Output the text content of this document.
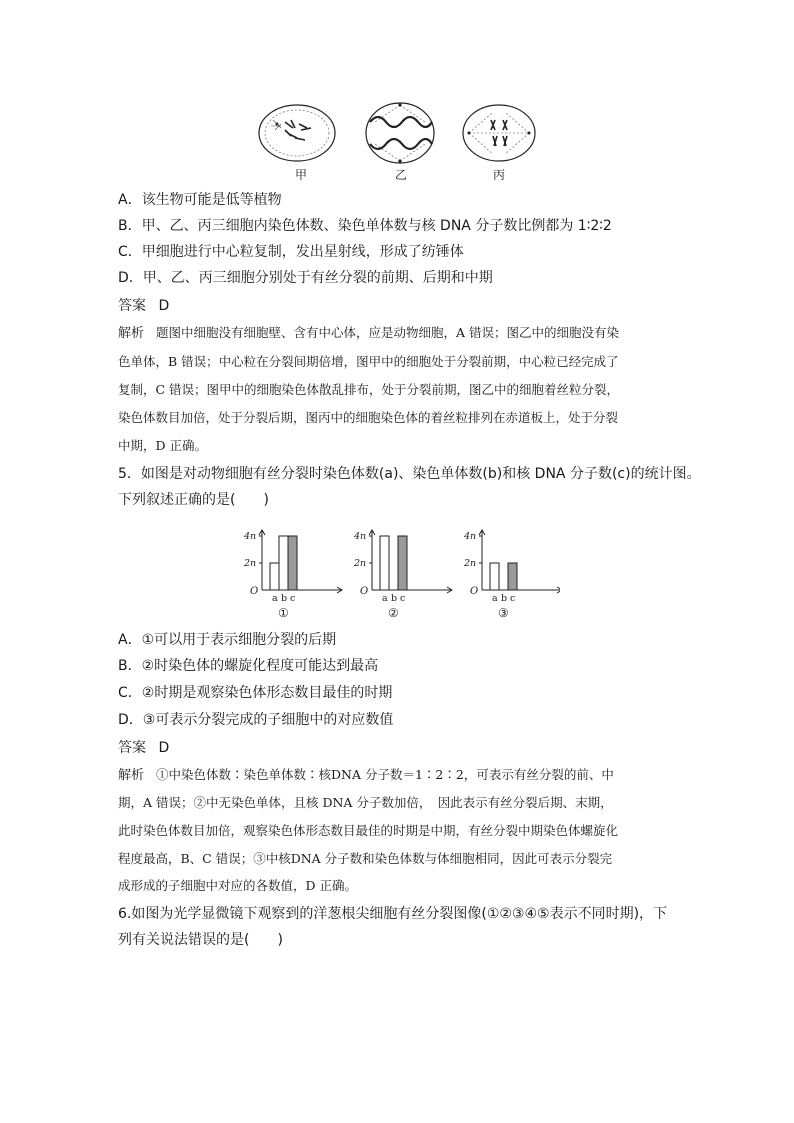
甲	乙	丙
A．该生物可能是低等植物
B．甲、乙、丙三细胞内染色体数、染色单体数与核 DNA 分子数比例都为 1∶2∶2
C．甲细胞进行中心粒复制，发出星射线，形成了纺锤体
D．甲、乙、丙三细胞分别处于有丝分裂的前期、后期和中期
答案 D
解析 题图中细胞没有细胞壁、含有中心体，应是动物细胞，A 错误；图乙中的细胞没有染
色单体，B 错误；中心粒在分裂间期倍增，图甲中的细胞处于分裂前期，中心粒已经完成了
复制，C 错误；图甲中的细胞染色体散乱排布，处于分裂前期，图乙中的细胞着丝粒分裂，
染色体数目加倍，处于分裂后期，图丙中的细胞染色体的着丝粒排列在赤道板上，处于分裂
中期，D 正确。
5．如图是对动物细胞有丝分裂时染色体数(a)、染色单体数(b)和核 DNA 分子数(c)的统计图。
下列叙述正确的是(　　)
O
4n
2n
a b c
①
O
4n
2n
a b c
②
O
4n
2n
a b c
③
A．①可以用于表示细胞分裂的后期
B．②时染色体的螺旋化程度可能达到最高
C．②时期是观察染色体形态数目最佳的时期
D．③可表示分裂完成的子细胞中的对应数值
答案 D
解析 ①中染色体数∶染色单体数∶核DNA 分子数＝1∶2∶2，可表示有丝分裂的前、中
期，A 错误；②中无染色单体，且核 DNA 分子数加倍，　因此表示有丝分裂后期、末期，
此时染色体数目加倍，观察染色体形态数目最佳的时期是中期，有丝分裂中期染色体螺旋化
程度最高，B、C 错误；③中核DNA 分子数和染色体数与体细胞相同，因此可表示分裂完
成形成的子细胞中对应的各数值，D 正确。
6.如图为光学显微镜下观察到的洋葱根尖细胞有丝分裂图像(①②③④⑤表示不同时期)，下
列有关说法错误的是(　　)
